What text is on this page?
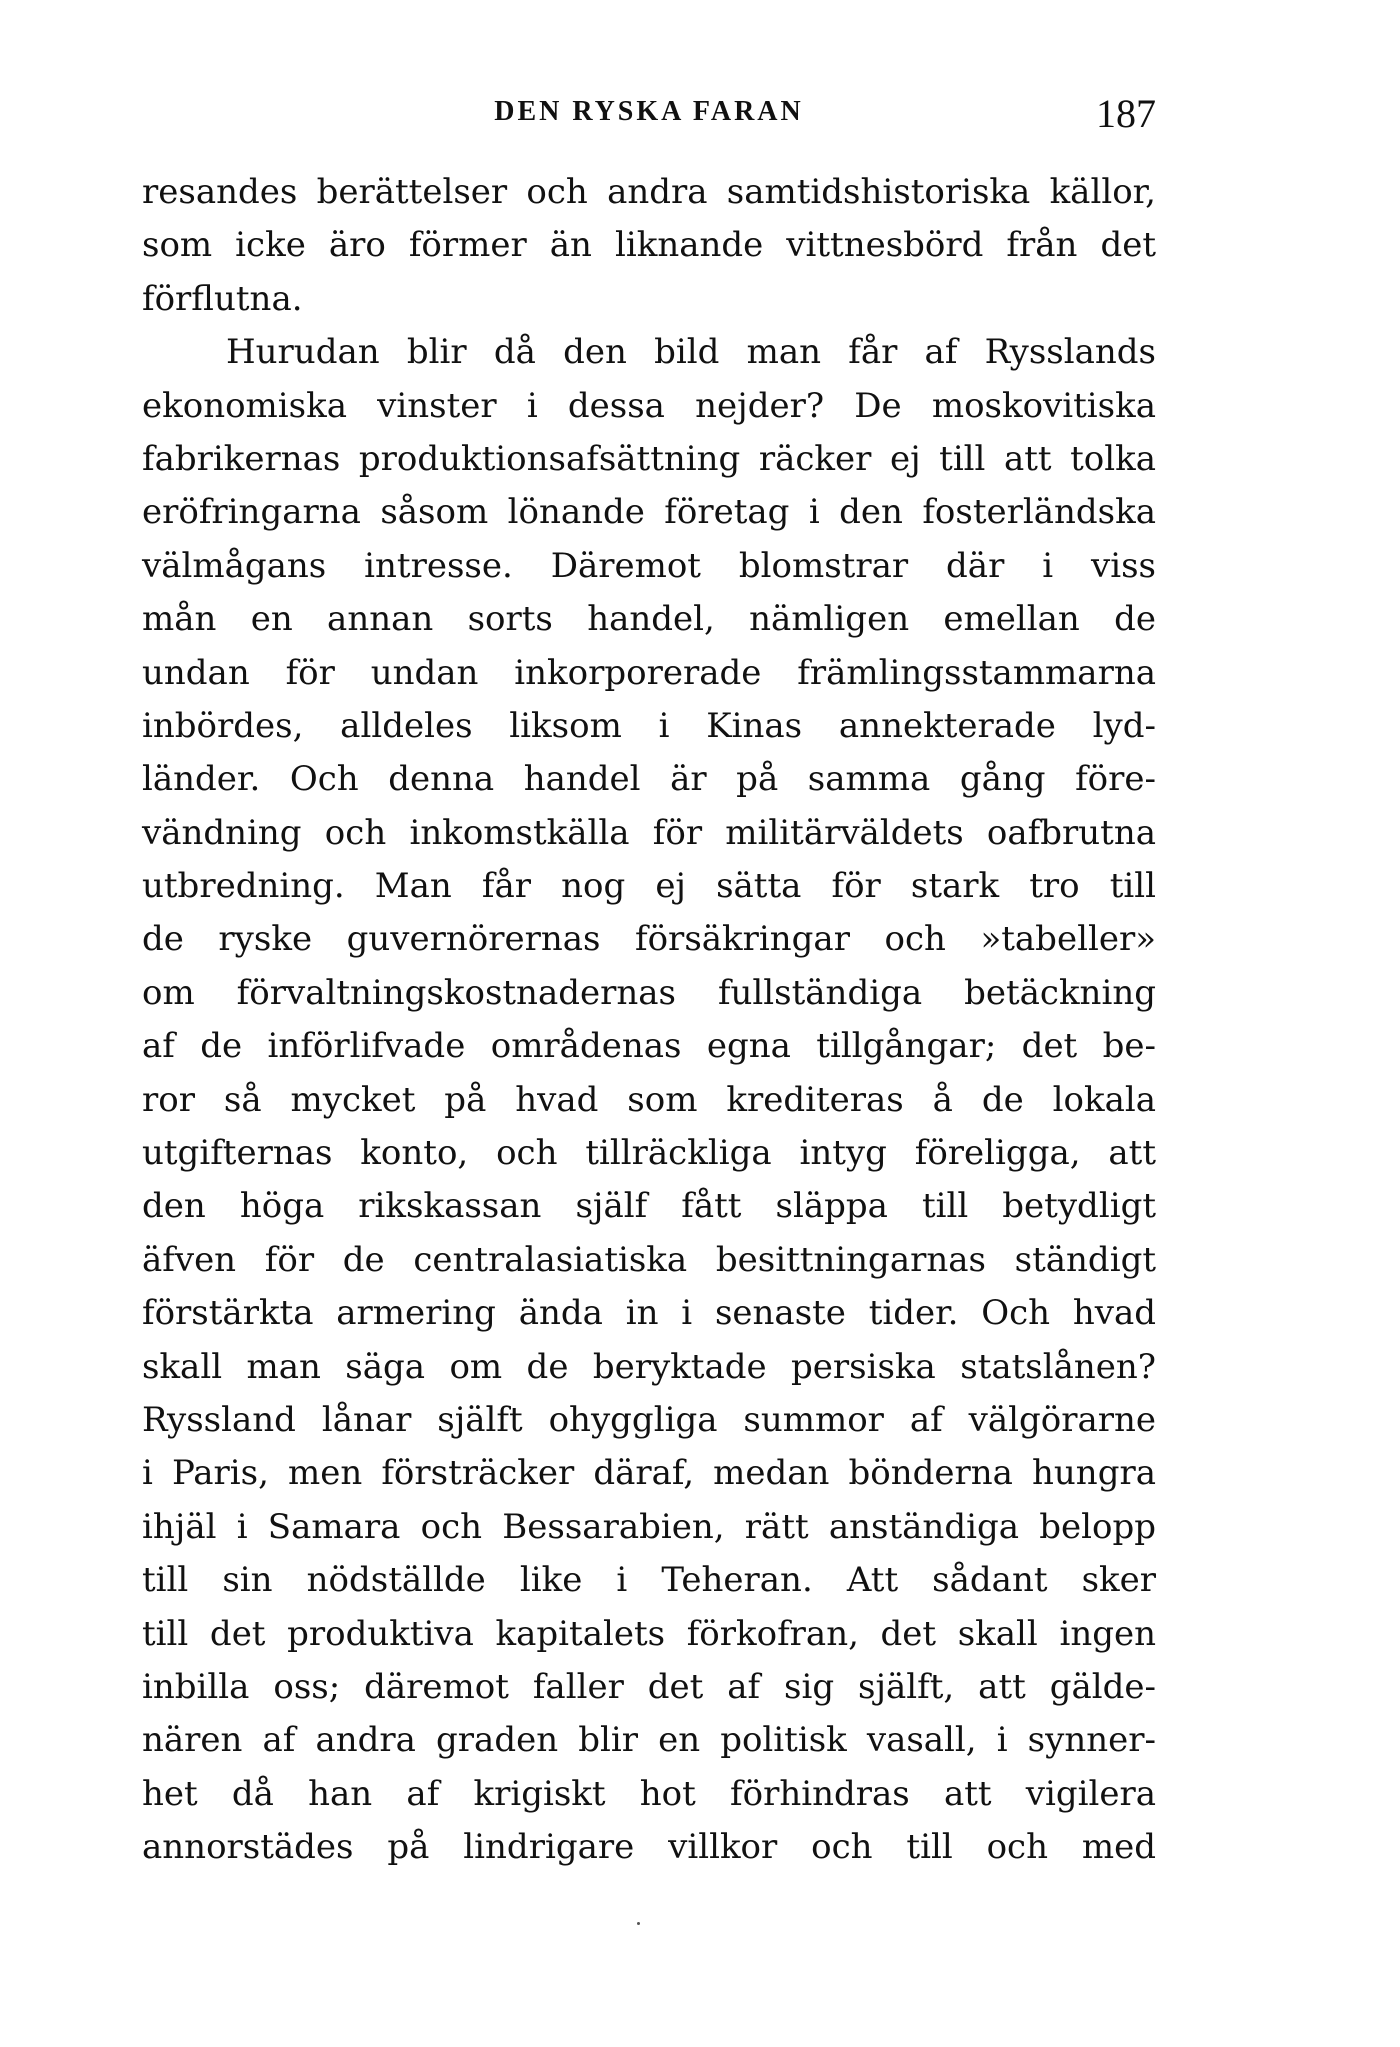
DEN RYSKA FARAN	187
resandes berättelser och andra samtidshistoriska källor,
som icke äro förmer än liknande vittnesbörd från det
förflutna.
Hurudan blir då den bild man får af Rysslands
ekonomiska vinster i dessa nejder? De moskovitiska
fabrikernas produktionsafsättning räcker ej till att tolka
eröfringarna såsom lönande företag i den fosterländska
välmågans intresse. Däremot blomstrar där i viss
mån en annan sorts handel, nämligen emellan de
undan för undan inkorporerade främlingsstammarna
inbördes, alldeles liksom i Kinas annekterade lyd-
länder. Och denna handel är på samma gång före-
vändning och inkomstkälla för militärväldets oafbrutna
utbredning. Man får nog ej sätta för stark tro till
de ryske guvernörernas försäkringar och »tabeller»
om förvaltningskostnadernas fullständiga betäckning
af de införlifvade områdenas egna tillgångar; det be-
ror så mycket på hvad som krediteras å de lokala
utgifternas konto, och tillräckliga intyg föreligga, att
den höga rikskassan själf fått släppa till betydligt
äfven för de centralasiatiska besittningarnas ständigt
förstärkta armering ända in i senaste tider. Och hvad
skall man säga om de beryktade persiska statslånen?
Ryssland lånar själft ohyggliga summor af välgörarne
i Paris, men försträcker däraf, medan bönderna hungra
ihjäl i Samara och Bessarabien, rätt anständiga belopp
till sin nödställde like i Teheran. Att sådant sker
till det produktiva kapitalets förkofran, det skall ingen
inbilla oss; däremot faller det af sig själft, att gälde-
nären af andra graden blir en politisk vasall, i synner-
het då han af krigiskt hot förhindras att vigilera
annorstädes på lindrigare villkor och till och med
